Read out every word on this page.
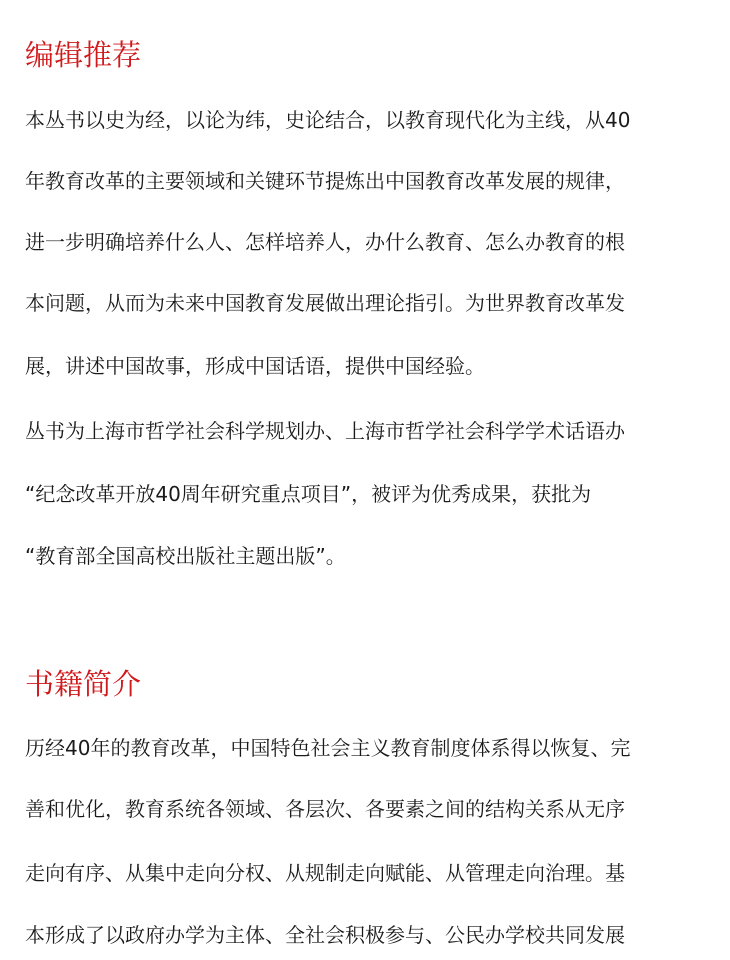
编辑推荐

本丛书以史为经，以论为纬，史论结合，以教育现代化为主线，从40

年教育改革的主要领域和关键环节提炼出中国教育改革发展的规律，

进一步明确培养什么人、怎样培养人，办什么教育、怎么办教育的根

本问题，从而为未来中国教育发展做出理论指引。为世界教育改革发

展，讲述中国故事，形成中国话语，提供中国经验。

丛书为上海市哲学社会科学规划办、上海市哲学社会科学学术话语办

“纪念改革开放40周年研究重点项目”，被评为优秀成果，获批为

“教育部全国高校出版社主题出版”。

书籍简介

历经40年的教育改革，中国特色社会主义教育制度体系得以恢复、完

善和优化，教育系统各领域、各层次、各要素之间的结构关系从无序

走向有序、从集中走向分权、从规制走向赋能、从管理走向治理。基

本形成了以政府办学为主体、全社会积极参与、公民办学校共同发展
